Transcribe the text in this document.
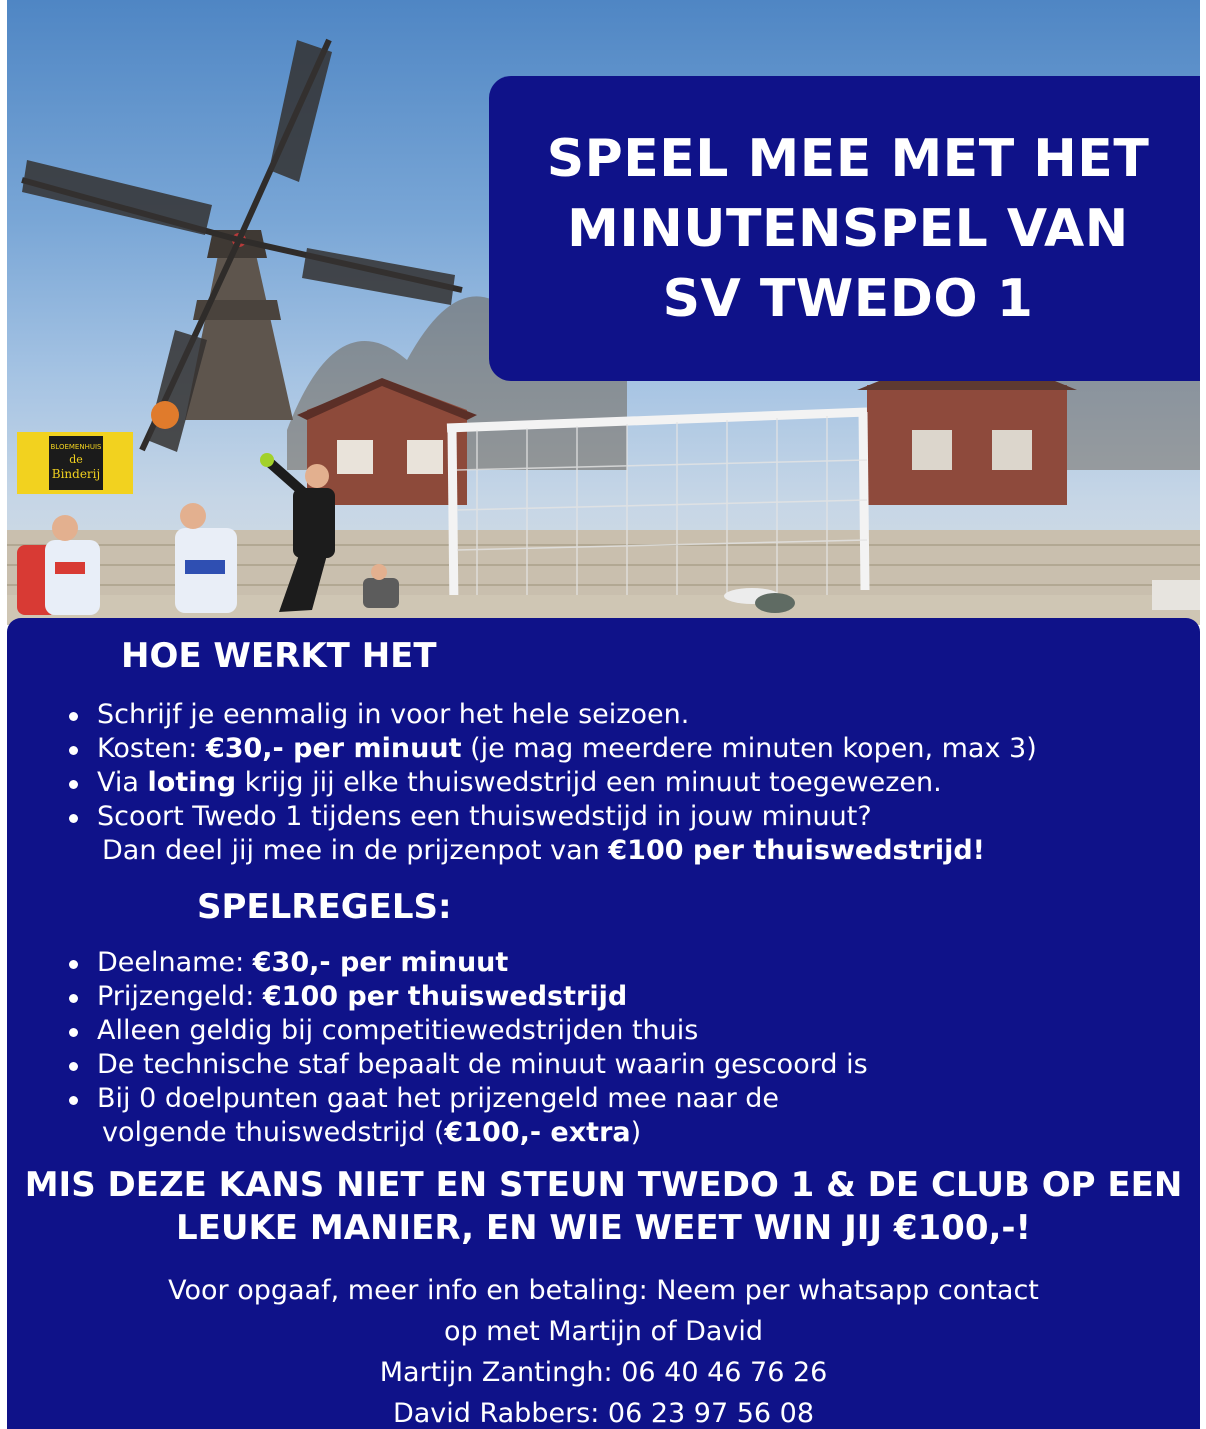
BLOEMENHUIS
de
Binderij
SPEEL MEE MET HET
MINUTENSPEL VAN
SV TWEDO 1
HOE WERKT HET
Schrijf je eenmalig in voor het hele seizoen.
Kosten: €30,- per minuut (je mag meerdere minuten kopen, max 3)
Via loting krijg jij elke thuiswedstrijd een minuut toegewezen.
Scoort Twedo 1 tijdens een thuiswedstijd in jouw minuut?
Dan deel jij mee in de prijzenpot van €100 per thuiswedstrijd!
SPELREGELS:
Deelname: €30,- per minuut
Prijzengeld: €100 per thuiswedstrijd
Alleen geldig bij competitiewedstrijden thuis
De technische staf bepaalt de minuut waarin gescoord is
Bij 0 doelpunten gaat het prijzengeld mee naar de
volgende thuiswedstrijd (€100,- extra)

MIS DEZE KANS NIET EN STEUN TWEDO 1 & DE CLUB OP EEN
LEUKE MANIER, EN WIE WEET WIN JIJ €100,-!

Voor opgaaf, meer info en betaling: Neem per whatsapp contact
op met Martijn of David
Martijn Zantingh: 06 40 46 76 26
David Rabbers: 06 23 97 56 08
